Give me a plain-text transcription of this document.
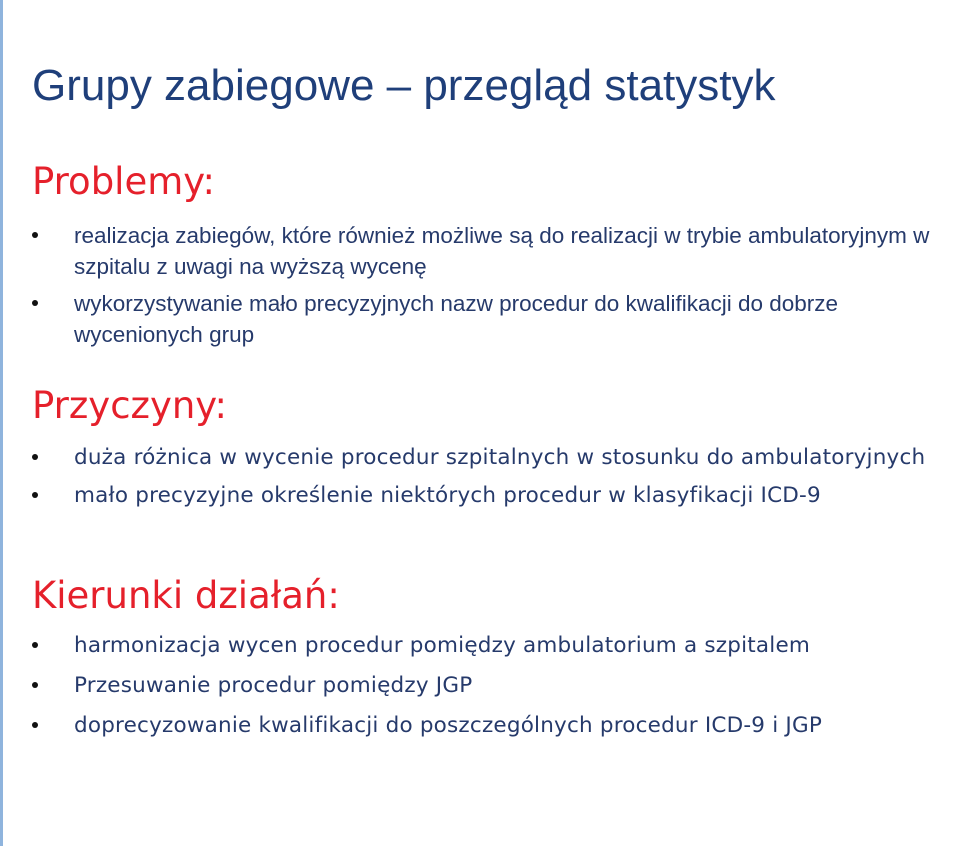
Grupy zabiegowe – przegląd statystyk
Problemy:
realizacja zabiegów, które również możliwe są do realizacji w trybie ambulatoryjnym w szpitalu z uwagi na wyższą wycenę
wykorzystywanie mało precyzyjnych nazw procedur do kwalifikacji do dobrze wycenionych grup
Przyczyny:
duża różnica w wycenie procedur szpitalnych w stosunku do ambulatoryjnych
mało precyzyjne określenie niektórych procedur w klasyfikacji ICD-9
Kierunki działań:
harmonizacja wycen procedur pomiędzy ambulatorium a szpitalem
Przesuwanie procedur pomiędzy JGP
doprecyzowanie kwalifikacji do poszczególnych procedur ICD-9 i JGP
